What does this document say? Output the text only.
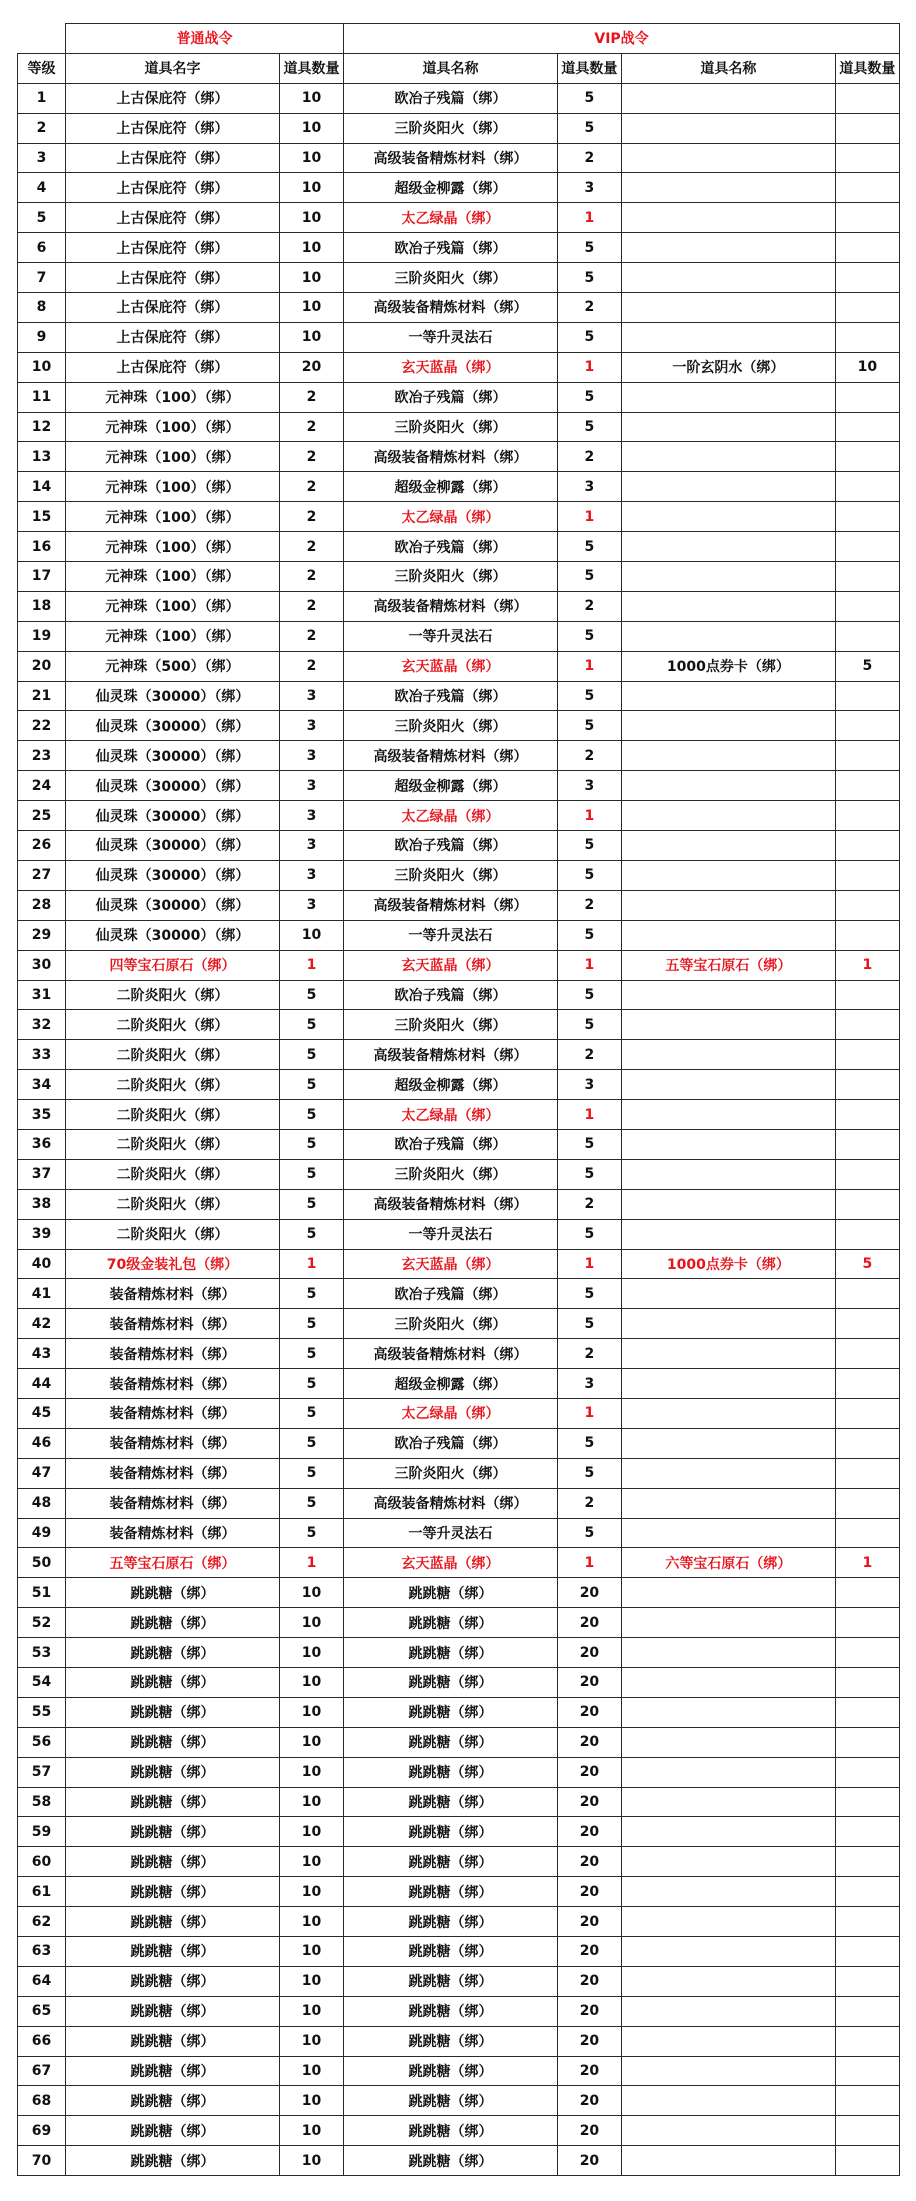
	普通战令		VIP战令			
等级	道具名字	道具数量	道具名称	道具数量	道具名称	道具数量
1	上古保庇符（绑）	10	欧冶子残篇（绑）	5		
2	上古保庇符（绑）	10	三阶炎阳火（绑）	5		
3	上古保庇符（绑）	10	高级装备精炼材料（绑）	2		
4	上古保庇符（绑）	10	超级金柳露（绑）	3		
5	上古保庇符（绑）	10	太乙绿晶（绑）	1		
6	上古保庇符（绑）	10	欧冶子残篇（绑）	5		
7	上古保庇符（绑）	10	三阶炎阳火（绑）	5		
8	上古保庇符（绑）	10	高级装备精炼材料（绑）	2		
9	上古保庇符（绑）	10	一等升灵法石	5		
10	上古保庇符（绑）	20	玄天蓝晶（绑）	1	一阶玄阴水（绑）	10
11	元神珠（100）（绑）	2	欧冶子残篇（绑）	5		
12	元神珠（100）（绑）	2	三阶炎阳火（绑）	5		
13	元神珠（100）（绑）	2	高级装备精炼材料（绑）	2		
14	元神珠（100）（绑）	2	超级金柳露（绑）	3		
15	元神珠（100）（绑）	2	太乙绿晶（绑）	1		
16	元神珠（100）（绑）	2	欧冶子残篇（绑）	5		
17	元神珠（100）（绑）	2	三阶炎阳火（绑）	5		
18	元神珠（100）（绑）	2	高级装备精炼材料（绑）	2		
19	元神珠（100）（绑）	2	一等升灵法石	5		
20	元神珠（500）（绑）	2	玄天蓝晶（绑）	1	1000点券卡（绑）	5
21	仙灵珠（30000）（绑）	3	欧冶子残篇（绑）	5		
22	仙灵珠（30000）（绑）	3	三阶炎阳火（绑）	5		
23	仙灵珠（30000）（绑）	3	高级装备精炼材料（绑）	2		
24	仙灵珠（30000）（绑）	3	超级金柳露（绑）	3		
25	仙灵珠（30000）（绑）	3	太乙绿晶（绑）	1		
26	仙灵珠（30000）（绑）	3	欧冶子残篇（绑）	5		
27	仙灵珠（30000）（绑）	3	三阶炎阳火（绑）	5		
28	仙灵珠（30000）（绑）	3	高级装备精炼材料（绑）	2		
29	仙灵珠（30000）（绑）	10	一等升灵法石	5		
30	四等宝石原石（绑）	1	玄天蓝晶（绑）	1	五等宝石原石（绑）	1
31	二阶炎阳火（绑）	5	欧冶子残篇（绑）	5		
32	二阶炎阳火（绑）	5	三阶炎阳火（绑）	5		
33	二阶炎阳火（绑）	5	高级装备精炼材料（绑）	2		
34	二阶炎阳火（绑）	5	超级金柳露（绑）	3		
35	二阶炎阳火（绑）	5	太乙绿晶（绑）	1		
36	二阶炎阳火（绑）	5	欧冶子残篇（绑）	5		
37	二阶炎阳火（绑）	5	三阶炎阳火（绑）	5		
38	二阶炎阳火（绑）	5	高级装备精炼材料（绑）	2		
39	二阶炎阳火（绑）	5	一等升灵法石	5		
40	70级金装礼包（绑）	1	玄天蓝晶（绑）	1	1000点券卡（绑）	5
41	装备精炼材料（绑）	5	欧冶子残篇（绑）	5		
42	装备精炼材料（绑）	5	三阶炎阳火（绑）	5		
43	装备精炼材料（绑）	5	高级装备精炼材料（绑）	2		
44	装备精炼材料（绑）	5	超级金柳露（绑）	3		
45	装备精炼材料（绑）	5	太乙绿晶（绑）	1		
46	装备精炼材料（绑）	5	欧冶子残篇（绑）	5		
47	装备精炼材料（绑）	5	三阶炎阳火（绑）	5		
48	装备精炼材料（绑）	5	高级装备精炼材料（绑）	2		
49	装备精炼材料（绑）	5	一等升灵法石	5		
50	五等宝石原石（绑）	1	玄天蓝晶（绑）	1	六等宝石原石（绑）	1
51	跳跳糖（绑）	10	跳跳糖（绑）	20		
52	跳跳糖（绑）	10	跳跳糖（绑）	20		
53	跳跳糖（绑）	10	跳跳糖（绑）	20		
54	跳跳糖（绑）	10	跳跳糖（绑）	20		
55	跳跳糖（绑）	10	跳跳糖（绑）	20		
56	跳跳糖（绑）	10	跳跳糖（绑）	20		
57	跳跳糖（绑）	10	跳跳糖（绑）	20		
58	跳跳糖（绑）	10	跳跳糖（绑）	20		
59	跳跳糖（绑）	10	跳跳糖（绑）	20		
60	跳跳糖（绑）	10	跳跳糖（绑）	20		
61	跳跳糖（绑）	10	跳跳糖（绑）	20		
62	跳跳糖（绑）	10	跳跳糖（绑）	20		
63	跳跳糖（绑）	10	跳跳糖（绑）	20		
64	跳跳糖（绑）	10	跳跳糖（绑）	20		
65	跳跳糖（绑）	10	跳跳糖（绑）	20		
66	跳跳糖（绑）	10	跳跳糖（绑）	20		
67	跳跳糖（绑）	10	跳跳糖（绑）	20		
68	跳跳糖（绑）	10	跳跳糖（绑）	20		
69	跳跳糖（绑）	10	跳跳糖（绑）	20		
70	跳跳糖（绑）	10	跳跳糖（绑）	20		
